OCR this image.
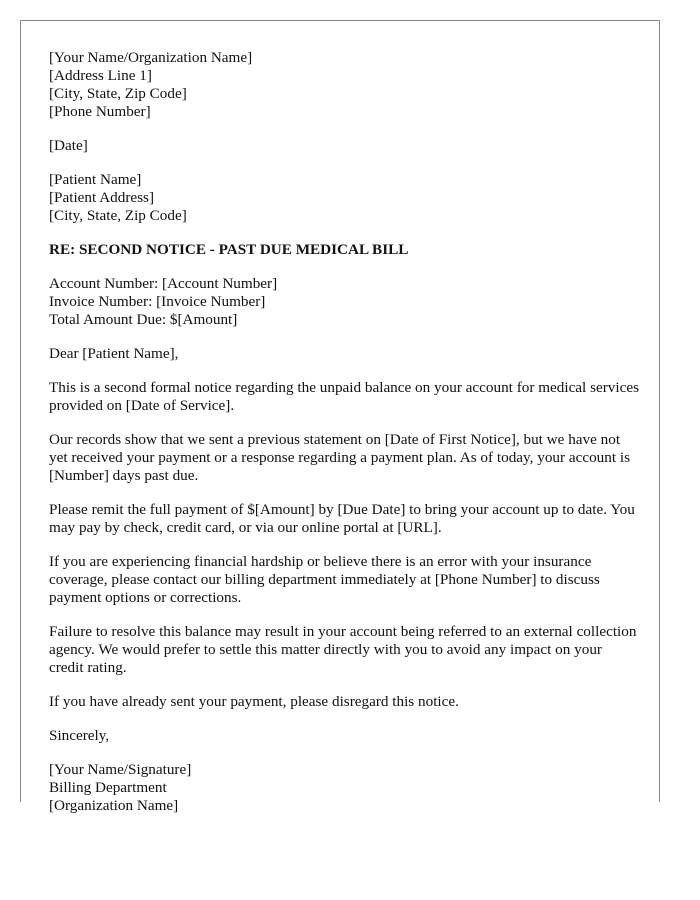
[Your Name/Organization Name]
[Address Line 1]
[City, State, Zip Code]
[Phone Number]
[Date]
[Patient Name]
[Patient Address]
[City, State, Zip Code]
RE: SECOND NOTICE - PAST DUE MEDICAL BILL
Account Number: [Account Number]
Invoice Number: [Invoice Number]
Total Amount Due: $[Amount]

Dear [Patient Name],

This is a second formal notice regarding the unpaid balance on your account for medical services provided on [Date of Service].

Our records show that we sent a previous statement on [Date of First Notice], but we have not yet received your payment or a response regarding a payment plan. As of today, your account is [Number] days past due.

Please remit the full payment of $[Amount] by [Due Date] to bring your account up to date. You may pay by check, credit card, or via our online portal at [URL].

If you are experiencing financial hardship or believe there is an error with your insurance coverage, please contact our billing department immediately at [Phone Number] to discuss payment options or corrections.

Failure to resolve this balance may result in your account being referred to an external collection agency. We would prefer to settle this matter directly with you to avoid any impact on your credit rating.

If you have already sent your payment, please disregard this notice.

Sincerely,

[Your Name/Signature]
Billing Department
[Organization Name]
